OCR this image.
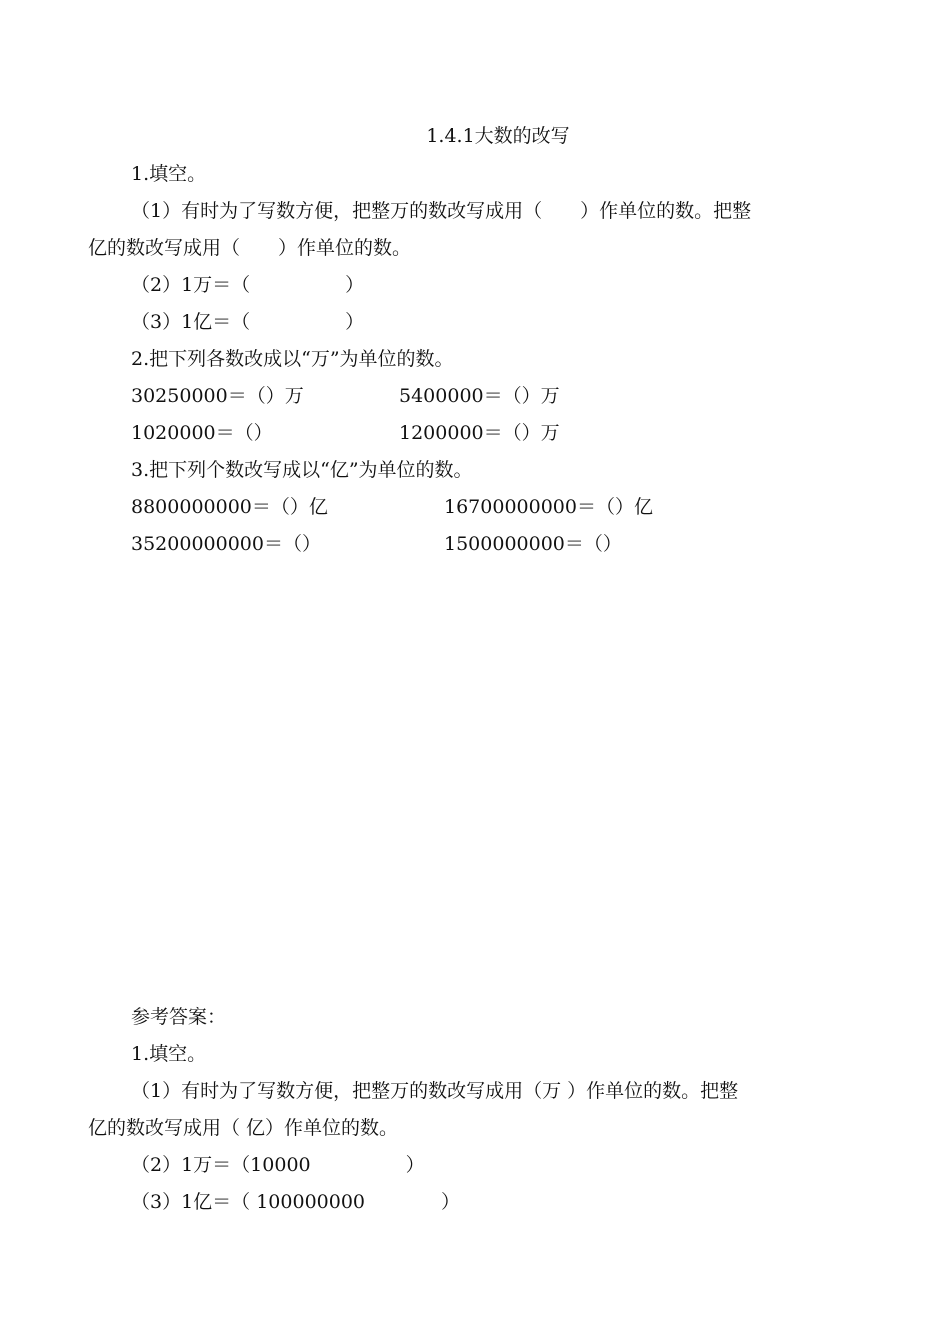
1.4.1大数的改写
1.填空。
（1）有时为了写数方便，把整万的数改写成用（　　）作单位的数。把整
亿的数改写成用（　　）作单位的数。
（2）1万＝（　　　　　）
（3）1亿＝（　　　　　）
2.把下列各数改成以“万”为单位的数。
30250000＝（）万	5400000＝（）万
1020000＝（）	1200000＝（）万
3.把下列个数改写成以“亿”为单位的数。
8800000000＝（）亿	16700000000＝（）亿
35200000000＝（）	1500000000＝（）
参考答案：
1.填空。
（1）有时为了写数方便，把整万的数改写成用（万 ）作单位的数。把整
亿的数改写成用（ 亿）作单位的数。
（2）1万＝（10000　　　　　）
（3）1亿＝（ 100000000　　　　）
